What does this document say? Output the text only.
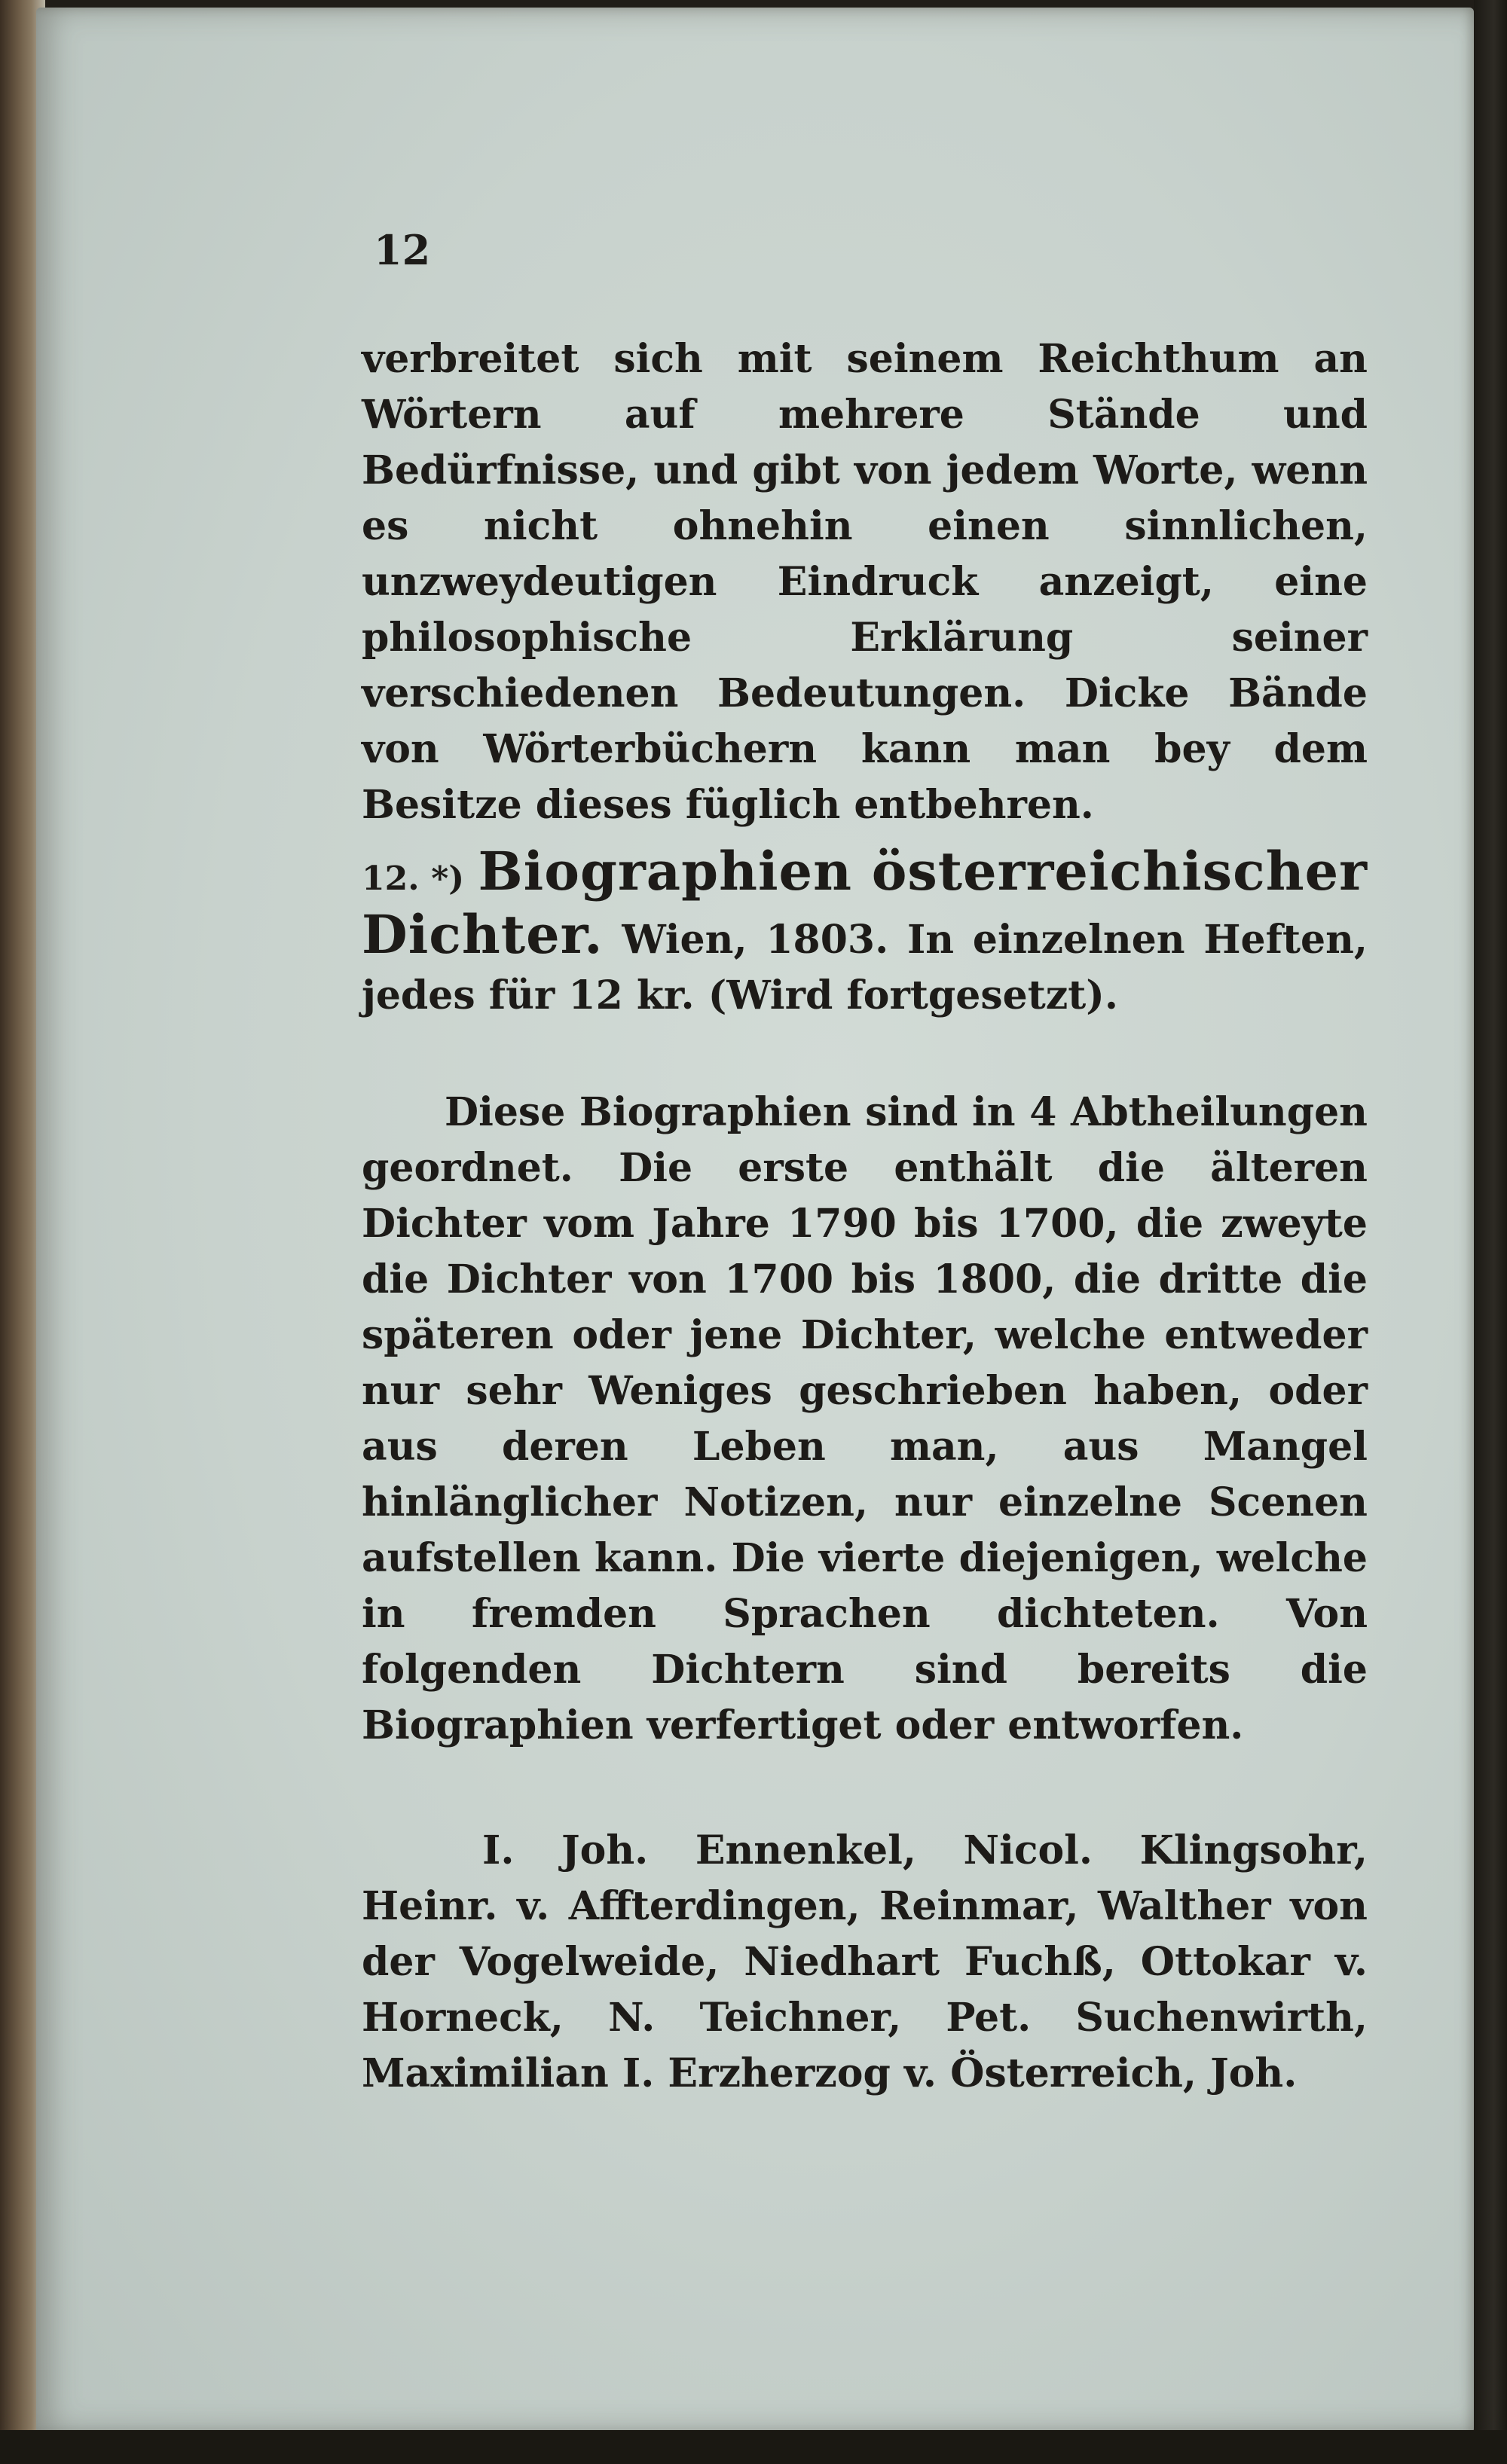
12

verbreitet sich mit seinem Reichthum an Wörtern auf mehrere Stände und Bedürfnisse, und gibt von jedem Worte, wenn es nicht ohnehin einen sinnlichen, unzweydeutigen Eindruck anzeigt, eine philosophische Erklärung seiner verschiedenen Bedeutungen. Dicke Bände von Wörterbüchern kann man bey dem Besitze dieses füglich entbehren.

12. *) Biographien österreichischer Dichter. Wien, 1803. In einzelnen Heften, jedes für 12 kr. (Wird fortgesetzt).

Diese Biographien sind in 4 Abtheilungen geordnet. Die erste enthält die älteren Dichter vom Jahre 1790 bis 1700, die zweyte die Dichter von 1700 bis 1800, die dritte die späteren oder jene Dichter, welche entweder nur sehr Weniges geschrieben haben, oder aus deren Leben man, aus Mangel hinlänglicher Notizen, nur einzelne Scenen aufstellen kann. Die vierte diejenigen, welche in fremden Sprachen dichteten. Von folgenden Dichtern sind bereits die Biographien verfertiget oder entworfen.

I. Joh. Ennenkel, Nicol. Klingsohr, Heinr. v. Affterdingen, Reinmar, Walther von der Vogelweide, Niedhart Fuchß, Ottokar v. Horneck, N. Teichner, Pet. Suchenwirth, Maximilian I. Erzherzog v. Österreich, Joh.
